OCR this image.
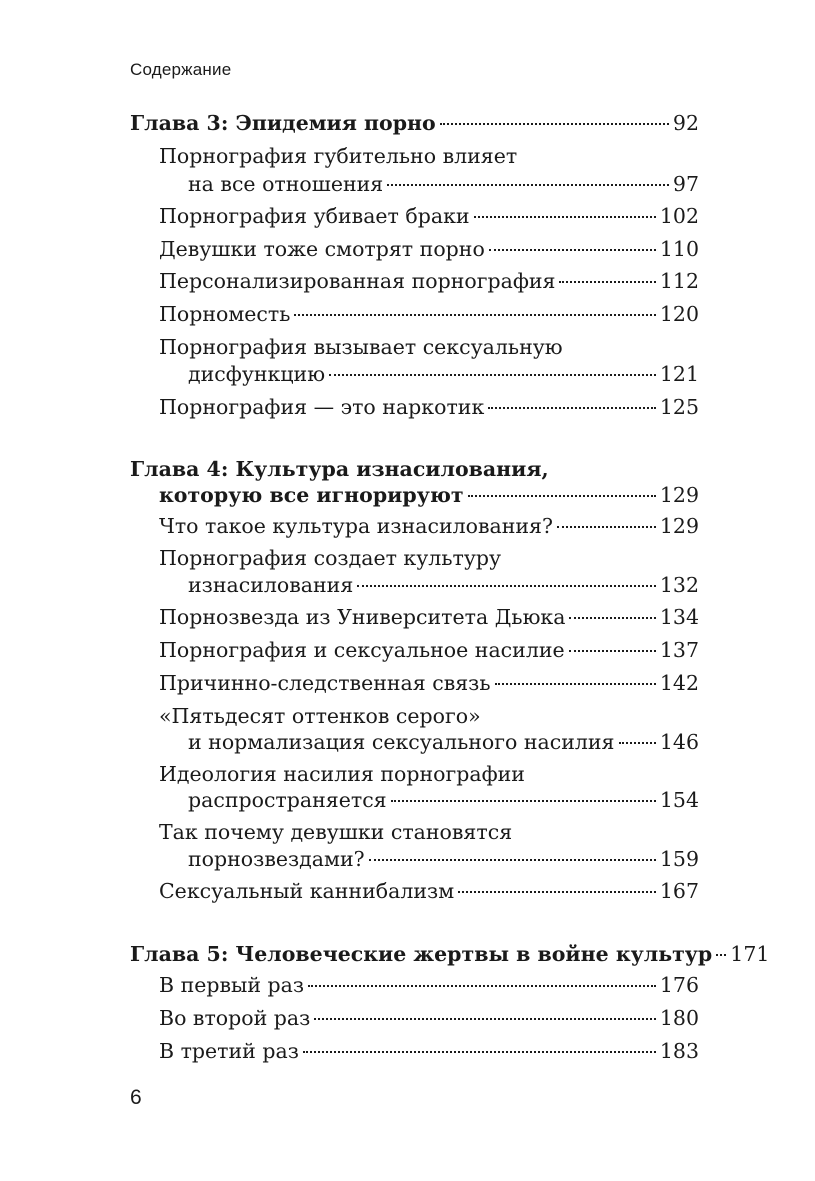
Содержание
Глава 3: Эпидемия порно	92
Порнография губительно влияет
на все отношения	97
Порнография убивает браки	102
Девушки тоже смотрят порно	110
Персонализированная порнография	112
Порноместь	120
Порнография вызывает сексуальную
дисфункцию	121
Порнография — это наркотик	125
Глава 4: Культура изнасилования,
которую все игнорируют	129
Что такое культура изнасилования?	129
Порнография создает культуру
изнасилования	132
Порнозвезда из Университета Дьюка	134
Порнография и сексуальное насилие	137
Причинно-следственная связь	142
«Пятьдесят оттенков серого»
и нормализация сексуального насилия 146
Идеология насилия порнографии
распространяется	154
Так почему девушки становятся
порнозвездами?	159
Сексуальный каннибализм	167
Глава 5: Человеческие жертвы в войне культур 171
В первый раз	176
Во второй раз	180
В третий раз	183
6
